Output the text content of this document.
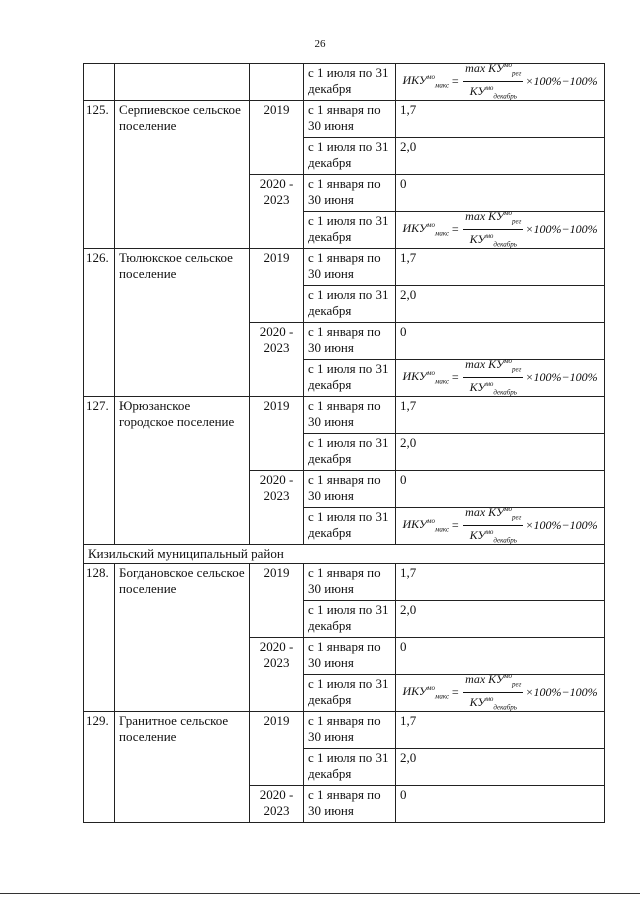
26
			с 1 июля по 31 декабря	$ИКУ^{мо}_{макс} = \frac{\max КУ^{мо}_{рег}}{КУ^{мо}_{декабрь}} \times 100\%-100\%$

125.	Серпиевское сельское поселение	2019	с 1 января по 30 июня	1,7
			с 1 июля по 31 декабря	2,0
		2020 - 2023	с 1 января по 30 июня	0
			с 1 июля по 31 декабря	$ИКУ^{мо}_{макс} = \frac{\max КУ^{мо}_{рег}}{КУ^{мо}_{декабрь}} \times 100\%-100\%$

126.	Тюлюкское сельское поселение	2019	с 1 января по 30 июня	1,7
			с 1 июля по 31 декабря	2,0
		2020 - 2023	с 1 января по 30 июня	0
			с 1 июля по 31 декабря	$ИКУ^{мо}_{макс} = \frac{\max КУ^{мо}_{рег}}{КУ^{мо}_{декабрь}} \times 100\%-100\%$

127.	Юрюзанское городское поселение	2019	с 1 января по 30 июня	1,7
			с 1 июля по 31 декабря	2,0
		2020 - 2023	с 1 января по 30 июня	0
			с 1 июля по 31 декабря	$ИКУ^{мо}_{макс} = \frac{\max КУ^{мо}_{рег}}{КУ^{мо}_{декабрь}} \times 100\%-100\%$

Кизильский муниципальный район				
128.	Богдановское сельское поселение	2019	с 1 января по 30 июня	1,7
			с 1 июля по 31 декабря	2,0
		2020 - 2023	с 1 января по 30 июня	0
			с 1 июля по 31 декабря	$ИКУ^{мо}_{макс} = \frac{\max КУ^{мо}_{рег}}{КУ^{мо}_{декабрь}} \times 100\%-100\%$

129.	Гранитное сельское поселение	2019	с 1 января по 30 июня	1,7
			с 1 июля по 31 декабря	2,0
		2020 - 2023	с 1 января по 30 июня	0
